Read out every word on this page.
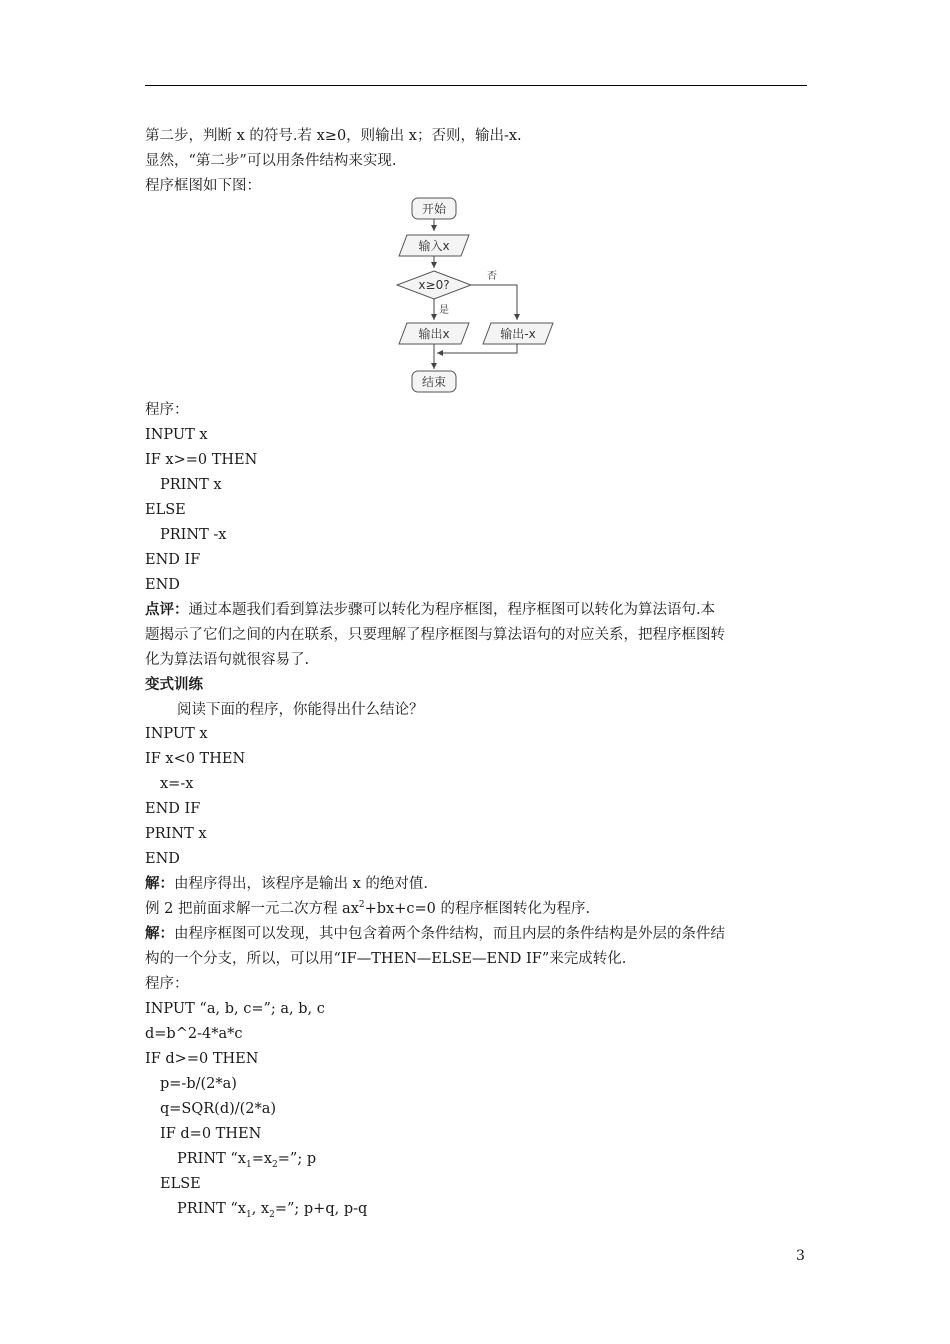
第二步，判断 x 的符号.若 x≥0，则输出 x；否则，输出-x.
显然，“第二步”可以用条件结构来实现.
程序框图如下图：
开始
输入x
x≥0?
否
是
输出x	输出-x
结束
程序：
INPUT x
IF x>=0 THEN
PRINT x
ELSE
PRINT -x
END IF
END
点评：通过本题我们看到算法步骤可以转化为程序框图，程序框图可以转化为算法语句.本
题揭示了它们之间的内在联系，只要理解了程序框图与算法语句的对应关系，把程序框图转
化为算法语句就很容易了.
变式训练
阅读下面的程序，你能得出什么结论？
INPUT x
IF x<0 THEN
x=-x
END IF
PRINT x
END
解：由程序得出，该程序是输出 x 的绝对值.
例 2 把前面求解一元二次方程 $ax^2+bx+c=0$ 的程序框图转化为程序.
解：由程序框图可以发现，其中包含着两个条件结构，而且内层的条件结构是外层的条件结
构的一个分支，所以，可以用“IF—THEN—ELSE—END IF”来完成转化.
程序：
INPUT “a, b, c=”; a, b, c
d=b^2-4*a*c
IF d>=0 THEN
p=-b/(2*a)
q=SQR(d)/(2*a)
IF d=0 THEN
PRINT “$x_1=x_2=$”; p
ELSE
PRINT “$x_1$, $x_2=$”; p+q, p-q
3
